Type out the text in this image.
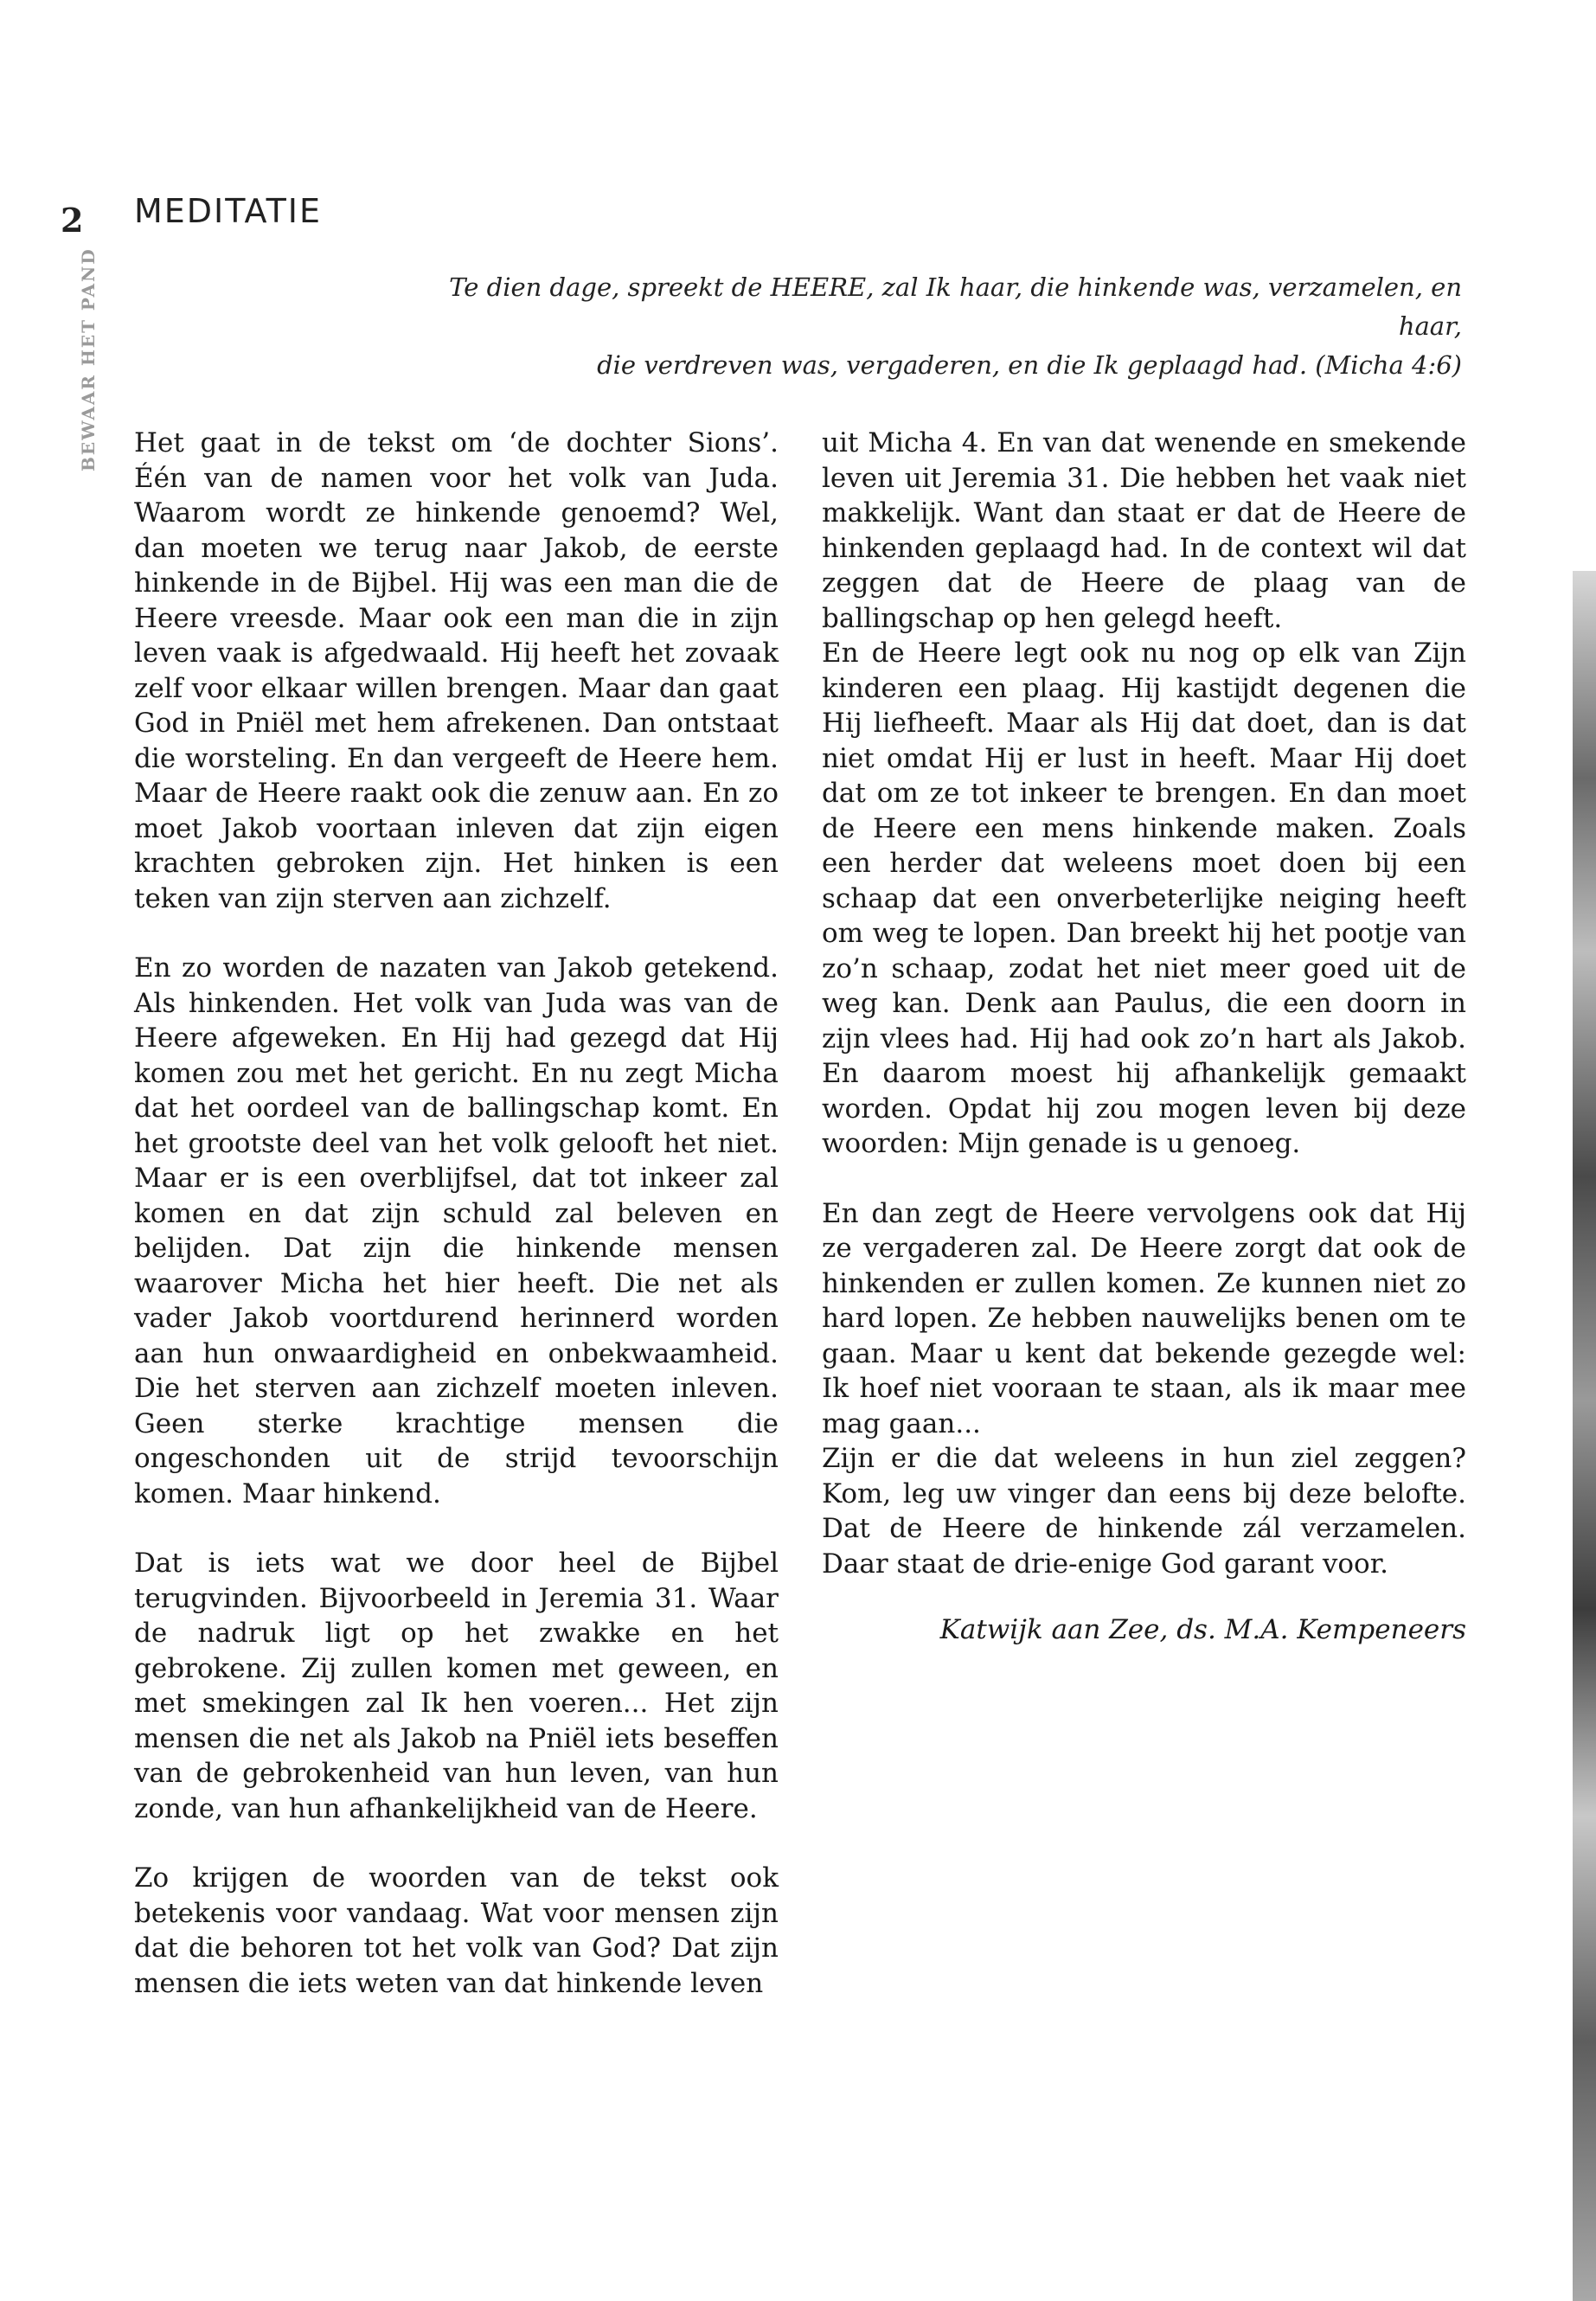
2 MEDITATIE
BEWAAR HET PAND	Te dien dage, spreekt de HEERE, zal Ik haar, die hinkende was, verzamelen, en haar,

die verdreven was, vergaderen, en die Ik geplaagd had. (Micha 4:6)

Het gaat in de tekst om ‘de dochter Sions’. Één van de namen voor het volk van Juda. Waarom wordt ze hinkende genoemd? Wel, dan moeten we terug naar Jakob, de eerste hinkende in de Bijbel. Hij was een man die de Heere vreesde. Maar ook een man die in zijn leven vaak is afgedwaald. Hij heeft het zovaak zelf voor elkaar willen brengen. Maar dan gaat God in Pniël met hem afrekenen. Dan ontstaat die worsteling. En dan vergeeft de Heere hem. Maar de Heere raakt ook die zenuw aan. En zo moet Jakob voortaan inleven dat zijn eigen krachten gebroken zijn. Het hinken is een teken van zijn sterven aan zichzelf.

En zo worden de nazaten van Jakob getekend. Als hinkenden. Het volk van Juda was van de Heere afgeweken. En Hij had gezegd dat Hij komen zou met het gericht. En nu zegt Micha dat het oordeel van de ballingschap komt. En het grootste deel van het volk gelooft het niet. Maar er is een overblijfsel, dat tot inkeer zal komen en dat zijn schuld zal beleven en belijden. Dat zijn die hinkende mensen waarover Micha het hier heeft. Die net als vader Jakob voortdurend herinnerd worden aan hun onwaardigheid en onbekwaamheid. Die het sterven aan zichzelf moeten inleven. Geen sterke krachtige mensen die ongeschonden uit de strijd tevoorschijn komen. Maar hinkend.

Dat is iets wat we door heel de Bijbel terugvinden. Bijvoorbeeld in Jeremia 31. Waar de nadruk ligt op het zwakke en het gebrokene. Zij zullen komen met geween, en met smekingen zal Ik hen voeren... Het zijn mensen die net als Jakob na Pniël iets beseffen van de gebrokenheid van hun leven, van hun zonde, van hun afhankelijkheid van de Heere.

Zo krijgen de woorden van de tekst ook betekenis voor vandaag. Wat voor mensen zijn dat die behoren tot het volk van God? Dat zijn mensen die iets weten van dat hinkende leven

uit Micha 4. En van dat wenende en smekende leven uit Jeremia 31. Die hebben het vaak niet makkelijk. Want dan staat er dat de Heere de hinkenden geplaagd had. In de context wil dat zeggen dat de Heere de plaag van de ballingschap op hen gelegd heeft.

En de Heere legt ook nu nog op elk van Zijn kinderen een plaag. Hij kastijdt degenen die Hij liefheeft. Maar als Hij dat doet, dan is dat niet omdat Hij er lust in heeft. Maar Hij doet dat om ze tot inkeer te brengen. En dan moet de Heere een mens hinkende maken. Zoals een herder dat weleens moet doen bij een schaap dat een onverbeterlijke neiging heeft om weg te lopen. Dan breekt hij het pootje van zo’n schaap, zodat het niet meer goed uit de weg kan. Denk aan Paulus, die een doorn in zijn vlees had. Hij had ook zo’n hart als Jakob. En daarom moest hij afhankelijk gemaakt worden. Opdat hij zou mogen leven bij deze woorden: Mijn genade is u genoeg.

En dan zegt de Heere vervolgens ook dat Hij ze vergaderen zal. De Heere zorgt dat ook de hinkenden er zullen komen. Ze kunnen niet zo hard lopen. Ze hebben nauwelijks benen om te gaan. Maar u kent dat bekende gezegde wel: Ik hoef niet vooraan te staan, als ik maar mee mag gaan...

Zijn er die dat weleens in hun ziel zeggen? Kom, leg uw vinger dan eens bij deze belofte. Dat de Heere de hinkende zál verzamelen. Daar staat de drie-enige God garant voor.

Katwijk aan Zee, ds. M.A. Kempeneers
